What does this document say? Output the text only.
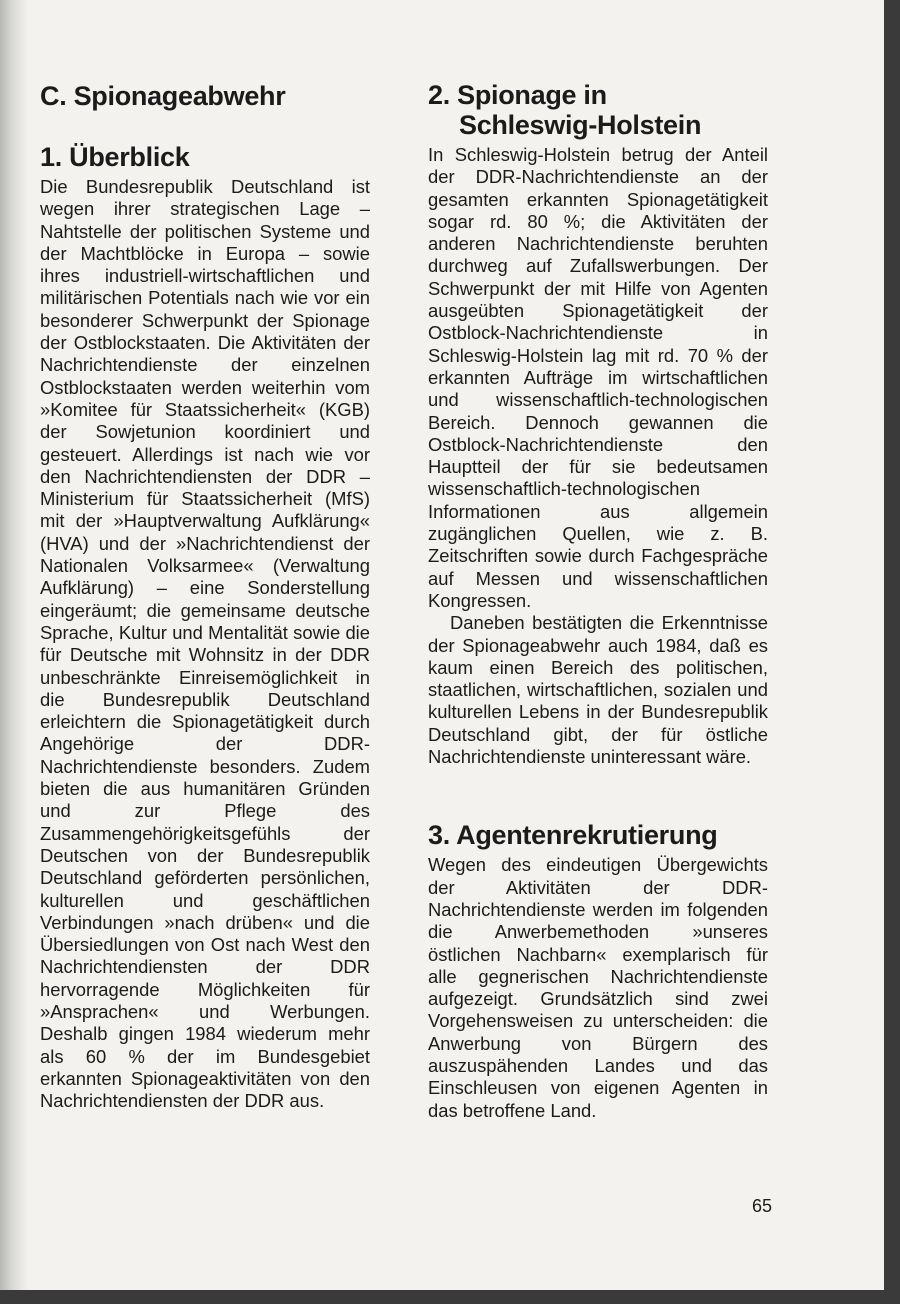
C. Spionageabwehr
1. Überblick

Die Bundesrepublik Deutschland ist wegen ihrer strategischen Lage – Nahtstelle der politischen Systeme und der Machtblöcke in Europa – sowie ihres industriell-wirtschaftlichen und militärischen Potentials nach wie vor ein besonderer Schwerpunkt der Spionage der Ostblockstaaten. Die Aktivitäten der Nachrichtendienste der einzelnen Ostblockstaaten werden weiterhin vom »Komitee für Staatssicherheit« (KGB) der Sowjetunion koordiniert und gesteuert. Allerdings ist nach wie vor den Nachrichtendiensten der DDR – Ministerium für Staatssicherheit (MfS) mit der »Hauptverwaltung Aufklärung« (HVA) und der »Nachrichtendienst der Nationalen Volksarmee« (Verwaltung Aufklärung) – eine Sonderstellung eingeräumt; die gemeinsame deutsche Sprache, Kultur und Mentalität sowie die für Deutsche mit Wohnsitz in der DDR unbeschränkte Einreisemöglichkeit in die Bundesrepublik Deutschland erleichtern die Spionagetätigkeit durch Angehörige der DDR-Nachrichtendienste besonders. Zudem bieten die aus humanitären Gründen und zur Pflege des Zusammengehörigkeitsgefühls der Deutschen von der Bundesrepublik Deutschland geförderten persönlichen, kulturellen und geschäftlichen Verbindungen »nach drüben« und die Übersiedlungen von Ost nach West den Nachrichtendiensten der DDR hervorragende Möglichkeiten für »Ansprachen« und Werbungen. Deshalb gingen 1984 wiederum mehr als 60 % der im Bundesgebiet erkannten Spionageaktivitäten von den Nachrichtendiensten der DDR aus.

2. Spionage in
Schleswig-Holstein

In Schleswig-Holstein betrug der Anteil der DDR-Nachrichtendienste an der gesamten erkannten Spionagetätigkeit sogar rd. 80 %; die Aktivitäten der anderen Nachrichtendienste beruhten durchweg auf Zufallswerbungen. Der Schwerpunkt der mit Hilfe von Agenten ausgeübten Spionagetätigkeit der Ostblock-Nachrichtendienste in Schleswig-Holstein lag mit rd. 70 % der erkannten Aufträge im wirtschaftlichen und wissenschaftlich-technologischen Bereich. Dennoch gewannen die Ostblock-Nachrichtendienste den Hauptteil der für sie bedeutsamen wissenschaftlich-technologischen Informationen aus allgemein zugänglichen Quellen, wie z. B. Zeitschriften sowie durch Fachgespräche auf Messen und wissenschaftlichen Kongressen.

Daneben bestätigten die Erkenntnisse der Spionageabwehr auch 1984, daß es kaum einen Bereich des politischen, staatlichen, wirtschaftlichen, sozialen und kulturellen Lebens in der Bundesrepublik Deutschland gibt, der für östliche Nachrichtendienste uninteressant wäre.

3. Agentenrekrutierung

Wegen des eindeutigen Übergewichts der Aktivitäten der DDR-Nachrichtendienste werden im folgenden die Anwerbemethoden »unseres östlichen Nachbarn« exemplarisch für alle gegnerischen Nachrichtendienste aufgezeigt. Grundsätzlich sind zwei Vorgehensweisen zu unterscheiden: die Anwerbung von Bürgern des auszuspähenden Landes und das Einschleusen von eigenen Agenten in das betroffene Land.

65
